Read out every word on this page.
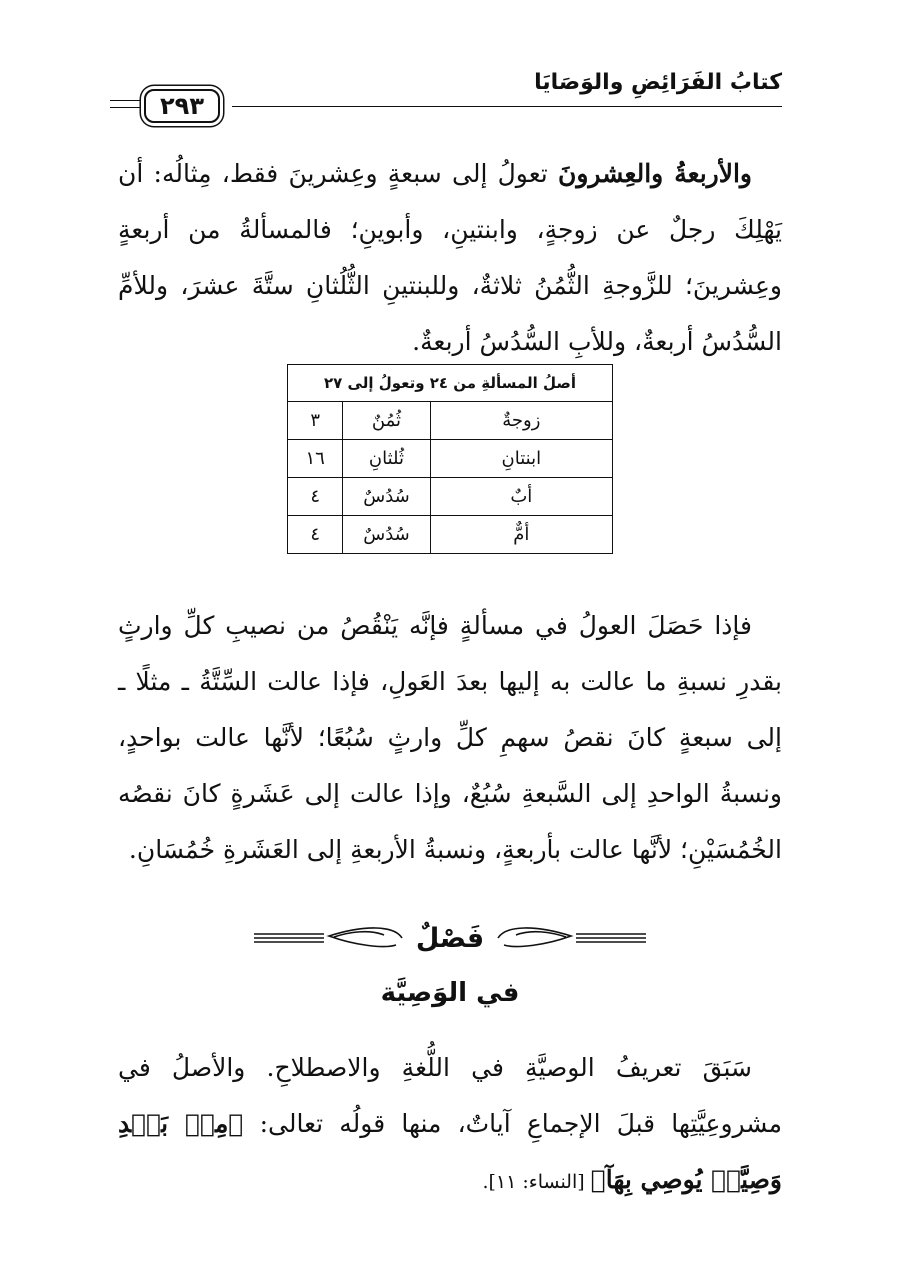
كتابُ الفَرَائِضِ والوَصَايَا
٢٩٣

والأربعةُ والعِشرونَ تعولُ إلى سبعةٍ وعِشرينَ فقط، مِثالُه: أن يَهْلِكَ رجلٌ عن زوجةٍ، وابنتينِ، وأبوينِ؛ فالمسألةُ من أربعةٍ وعِشرينَ؛ للزَّوجةِ الثُّمُنُ ثلاثةٌ، وللبنتينِ الثُّلُثانِ ستَّةَ عشرَ، وللأمِّ السُّدُسُ أربعةٌ، وللأبِ السُّدُسُ أربعةٌ.

أصلُ المسألةِ من ٢٤ وتعولُ إلى ٢٧		
زوجةٌ	ثُمُنٌ	٣
ابنتانِ	ثُلثانِ	١٦
أبٌ	سُدُسٌ	٤
أمٌّ	سُدُسٌ	٤

فإذا حَصَلَ العولُ في مسألةٍ فإنَّه يَنْقُصُ من نصيبِ كلِّ وارثٍ بقدرِ نسبةِ ما عالت به إليها بعدَ العَولِ، فإذا عالت السِّتَّةُ ـ مثلًا ـ إلى سبعةٍ كانَ نقصُ سهمِ كلِّ وارثٍ سُبُعًا؛ لأنَّها عالت بواحدٍ، ونسبةُ الواحدِ إلى السَّبعةِ سُبُعٌ، وإذا عالت إلى عَشَرةٍ كانَ نقصُه الخُمُسَيْنِ؛ لأنَّها عالت بأربعةٍ، ونسبةُ الأربعةِ إلى العَشَرةِ خُمُسَانِ.

فَصْلٌ
في الوَصِيَّة

سَبَقَ تعريفُ الوصيَّةِ في اللُّغةِ والاصطلاحِ. والأصلُ في مشروعِيَّتِها قبلَ الإجماعِ آياتٌ، منها قولُه تعالى: ﴿مِنۢ بَعۡدِ وَصِيَّةٖ يُوصِي بِهَآ﴾ [النساء: ١١].
